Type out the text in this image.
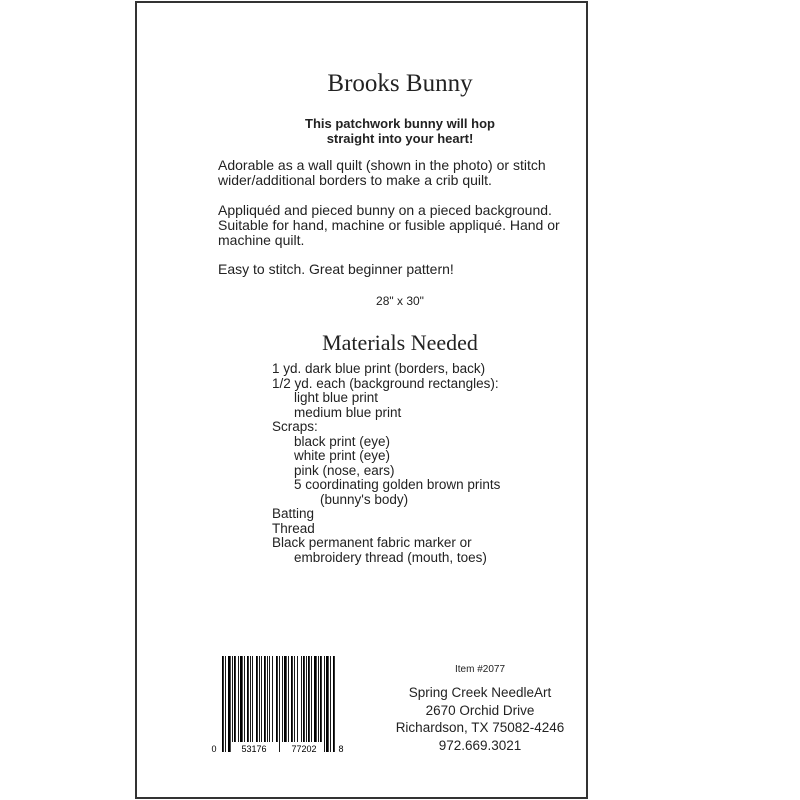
Brooks Bunny
This patchwork bunny will hop
straight into your heart!
Adorable as a wall quilt (shown in the photo) or stitch
wider/additional borders to make a crib quilt.
Appliquéd and pieced bunny on a pieced background.
Suitable for hand, machine or fusible appliqué. Hand or
machine quilt.
Easy to stitch. Great beginner pattern!
28" x 30"
Materials Needed
1 yd. dark blue print (borders, back)
1/2 yd. each (background rectangles):
light blue print
medium blue print
Scraps:
black print (eye)
white print (eye)
pink (nose, ears)
5 coordinating golden brown prints
(bunny's body)
Batting
Thread
Black permanent fabric marker or
embroidery thread (mouth, toes)
0	53176	77202 8
Item #2077
Spring Creek NeedleArt
2670 Orchid Drive
Richardson, TX 75082-4246
972.669.3021
